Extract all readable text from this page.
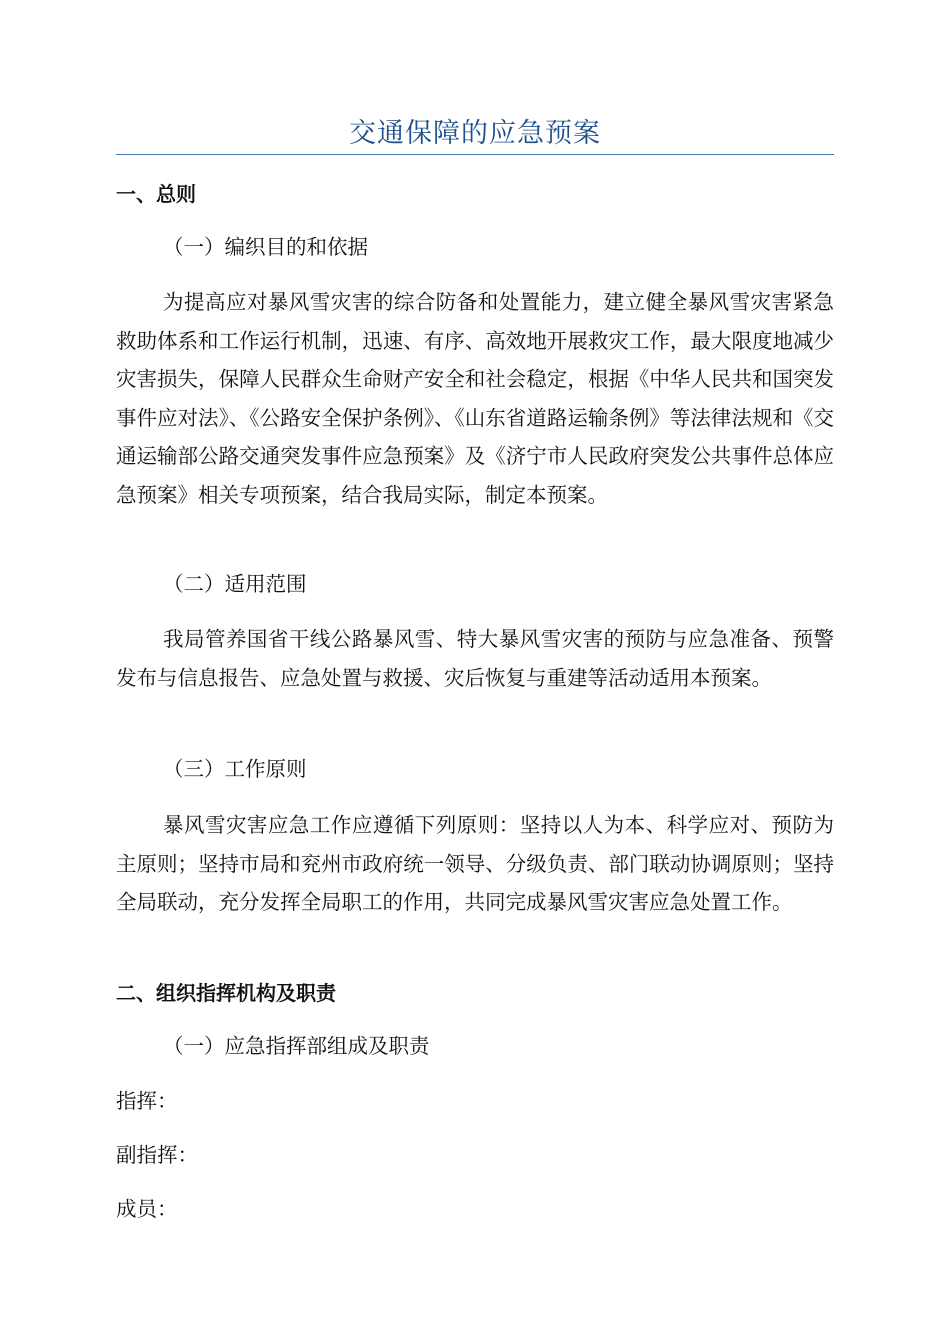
交通保障的应急预案
一、总则
（一）编织目的和依据

为提高应对暴风雪灾害的综合防备和处置能力，建立健全暴风雪灾害紧急救助体系和工作运行机制，迅速、有序、高效地开展救灾工作，最大限度地减少灾害损失，保障人民群众生命财产安全和社会稳定，根据《中华人民共和国突发事件应对法》、《公路安全保护条例》、《山东省道路运输条例》等法律法规和《交通运输部公路交通突发事件应急预案》及《济宁市人民政府突发公共事件总体应急预案》相关专项预案，结合我局实际，制定本预案。

（二）适用范围

我局管养国省干线公路暴风雪、特大暴风雪灾害的预防与应急准备、预警发布与信息报告、应急处置与救援、灾后恢复与重建等活动适用本预案。

（三）工作原则

暴风雪灾害应急工作应遵循下列原则：坚持以人为本、科学应对、预防为主原则；坚持市局和兖州市政府统一领导、分级负责、部门联动协调原则；坚持全局联动，充分发挥全局职工的作用，共同完成暴风雪灾害应急处置工作。

二、组织指挥机构及职责
（一）应急指挥部组成及职责
指挥：
副指挥：
成员：
